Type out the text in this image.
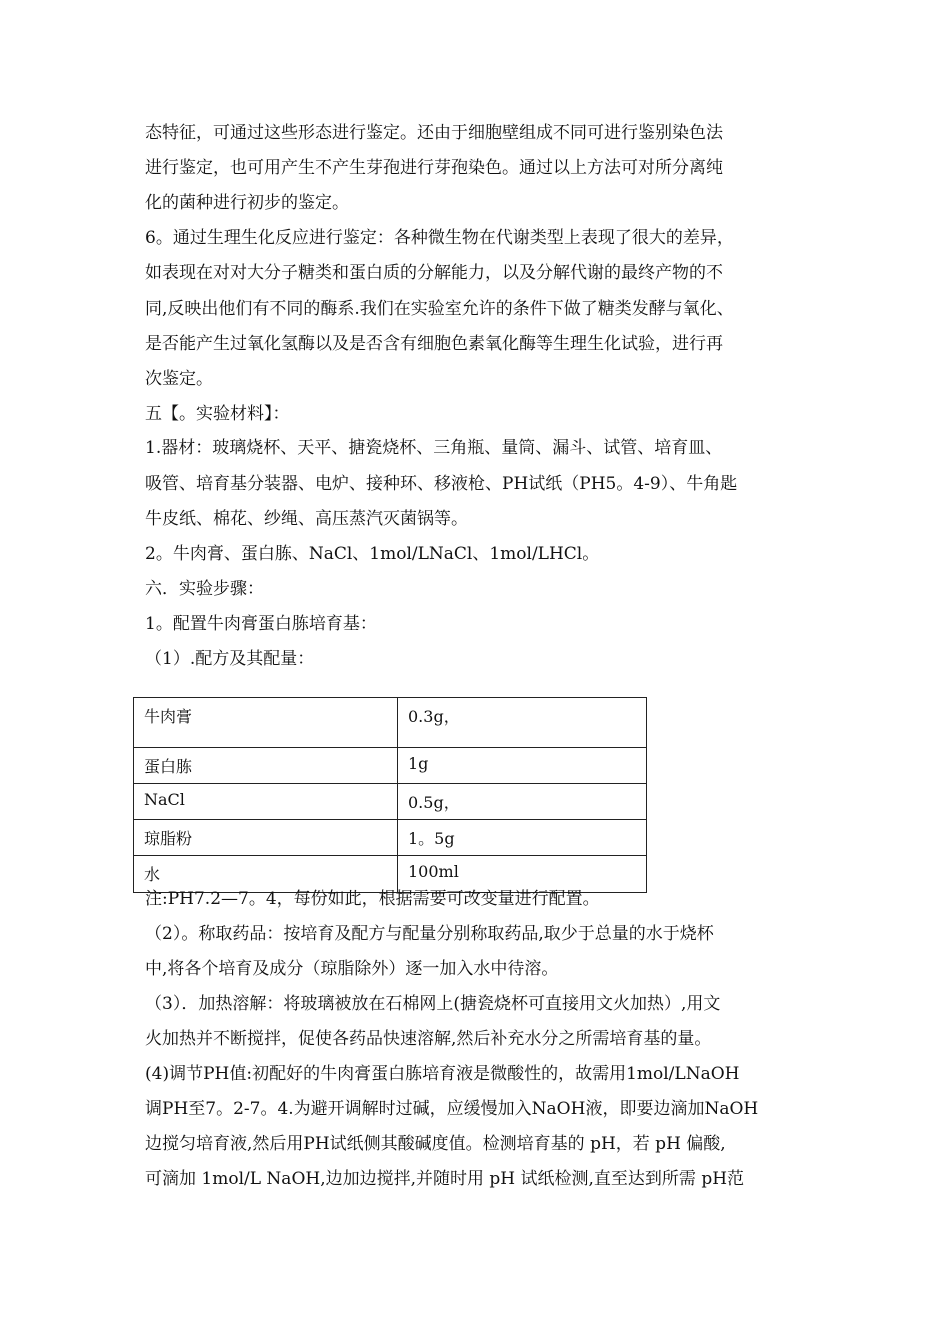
态特征，可通过这些形态进行鉴定。还由于细胞壁组成不同可进行鉴别染色法
进行鉴定，也可用产生不产生芽孢进行芽孢染色。通过以上方法可对所分离纯
化的菌种进行初步的鉴定。
6。通过生理生化反应进行鉴定：各种微生物在代谢类型上表现了很大的差异，
如表现在对对大分子糖类和蛋白质的分解能力，以及分解代谢的最终产物的不
同,反映出他们有不同的酶系.我们在实验室允许的条件下做了糖类发酵与氧化、
是否能产生过氧化氢酶以及是否含有细胞色素氧化酶等生理生化试验，进行再
次鉴定。
五【。实验材料】：
1.器材：玻璃烧杯、天平、搪瓷烧杯、三角瓶、量筒、漏斗、试管、培育皿、
吸管、培育基分装器、电炉、接种环、移液枪、PH试纸（PH5。4-9）、牛角匙
牛皮纸、棉花、纱绳、高压蒸汽灭菌锅等。
2。牛肉膏、蛋白胨、NaCl、1mol/LNaCl、1mol/LHCl。
六．实验步骤：
1。配置牛肉膏蛋白胨培育基：
（1）.配方及其配量：
牛肉膏	0.3g，
蛋白胨	1g
NaCl	0.5g，
琼脂粉	1。5g
水	100ml
注:PH7.2—7。4，每份如此，根据需要可改变量进行配置。
（2）。称取药品：按培育及配方与配量分别称取药品,取少于总量的水于烧杯
中,将各个培育及成分（琼脂除外）逐一加入水中待溶。
（3）．加热溶解：将玻璃被放在石棉网上(搪瓷烧杯可直接用文火加热）,用文
火加热并不断搅拌，促使各药品快速溶解,然后补充水分之所需培育基的量。
(4)调节PH值:初配好的牛肉膏蛋白胨培育液是微酸性的，故需用1mol/LNaOH
调PH至7。2-7。4.为避开调解时过碱，应缓慢加入NaOH液，即要边滴加NaOH
边搅匀培育液,然后用PH试纸侧其酸碱度值。检测培育基的 pH，若 pH 偏酸,
可滴加 1mol/L NaOH,边加边搅拌,并随时用 pH 试纸检测,直至达到所需 pH范
